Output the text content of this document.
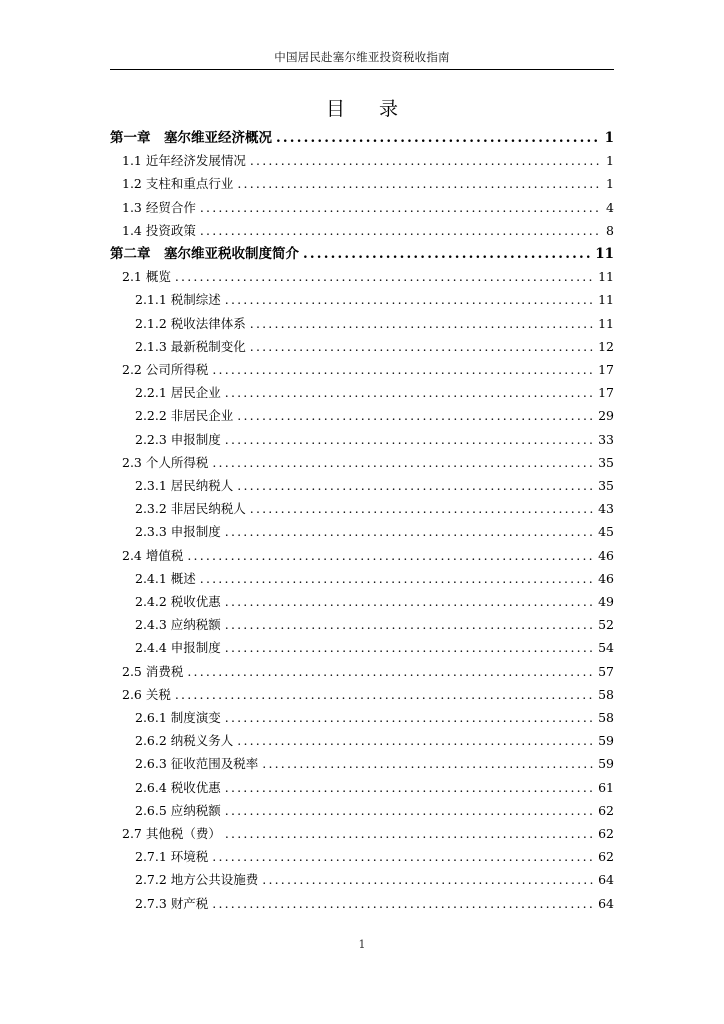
中国居民赴塞尔维亚投资税收指南
目 录
第一章　塞尔维亚经济概况 .....	1
1.1 近年经济发展情况 .....	1
1.2 支柱和重点行业 .....	1
1.3 经贸合作 .....	4
1.4 投资政策 .....	8
第二章　塞尔维亚税收制度简介 .....	11
2.1 概览 .....	11
2.1.1 税制综述 .....	11
2.1.2 税收法律体系 .....	11
2.1.3 最新税制变化 .....	12
2.2 公司所得税 .....	17
2.2.1 居民企业 .....	17
2.2.2 非居民企业 .....	29
2.2.3 申报制度 .....	33
2.3 个人所得税 .....	35
2.3.1 居民纳税人 .....	35
2.3.2 非居民纳税人 .....	43
2.3.3 申报制度 .....	45
2.4 增值税 .....	46
2.4.1 概述 .....	46
2.4.2 税收优惠 .....	49
2.4.3 应纳税额 .....	52
2.4.4 申报制度 .....	54
2.5 消费税 .....	57
2.6 关税 .....	58
2.6.1 制度演变 .....	58
2.6.2 纳税义务人 .....	59
2.6.3 征收范围及税率 .....	59
2.6.4 税收优惠 .....	61
2.6.5 应纳税额 .....	62
2.7 其他税（费） .....	62
2.7.1 环境税 .....	62
2.7.2 地方公共设施费 .....	64
2.7.3 财产税 .....	64
1
